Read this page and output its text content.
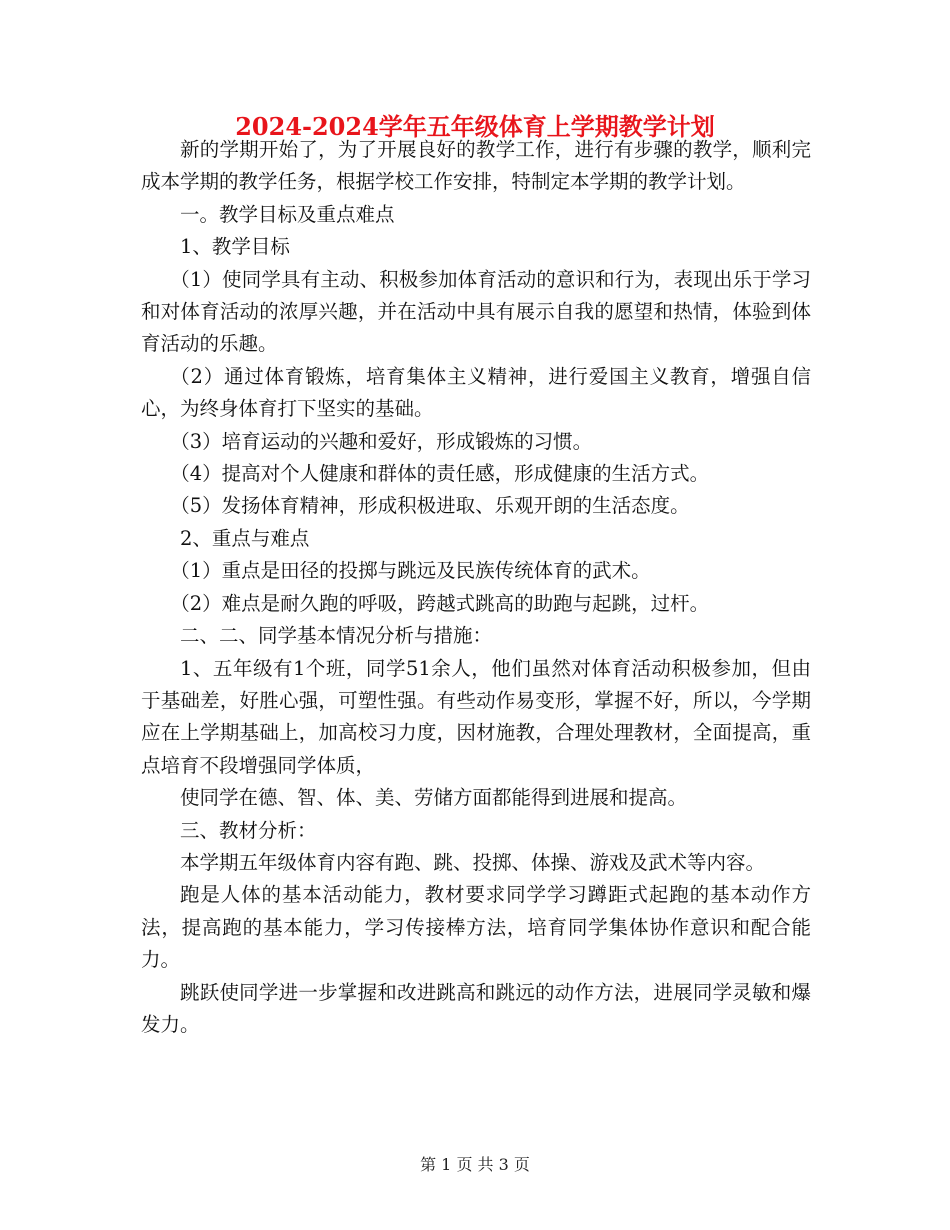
2024-2024学年五年级体育上学期教学计划

新的学期开始了，为了开展良好的教学工作，进行有步骤的教学，顺利完成本学期的教学任务，根据学校工作安排，特制定本学期的教学计划。

一。教学目标及重点难点

1、教学目标

（1）使同学具有主动、积极参加体育活动的意识和行为，表现出乐于学习和对体育活动的浓厚兴趣，并在活动中具有展示自我的愿望和热情，体验到体育活动的乐趣。

（2）通过体育锻炼，培育集体主义精神，进行爱国主义教育，增强自信心，为终身体育打下坚实的基础。

（3）培育运动的兴趣和爱好，形成锻炼的习惯。

（4）提高对个人健康和群体的责任感，形成健康的生活方式。

（5）发扬体育精神，形成积极进取、乐观开朗的生活态度。

2、重点与难点

（1）重点是田径的投掷与跳远及民族传统体育的武术。

（2）难点是耐久跑的呼吸，跨越式跳高的助跑与起跳，过杆。

二、二、同学基本情况分析与措施：

1、五年级有1个班，同学51余人，他们虽然对体育活动积极参加，但由于基础差，好胜心强，可塑性强。有些动作易变形，掌握不好，所以，今学期应在上学期基础上，加高校习力度，因材施教，合理处理教材，全面提高，重点培育不段增强同学体质，

使同学在德、智、体、美、劳储方面都能得到进展和提高。

三、教材分析：

本学期五年级体育内容有跑、跳、投掷、体操、游戏及武术等内容。

跑是人体的基本活动能力，教材要求同学学习蹲距式起跑的基本动作方法，提高跑的基本能力，学习传接棒方法，培育同学集体协作意识和配合能力。

跳跃使同学进一步掌握和改进跳高和跳远的动作方法，进展同学灵敏和爆发力。

第 1 页 共 3 页
